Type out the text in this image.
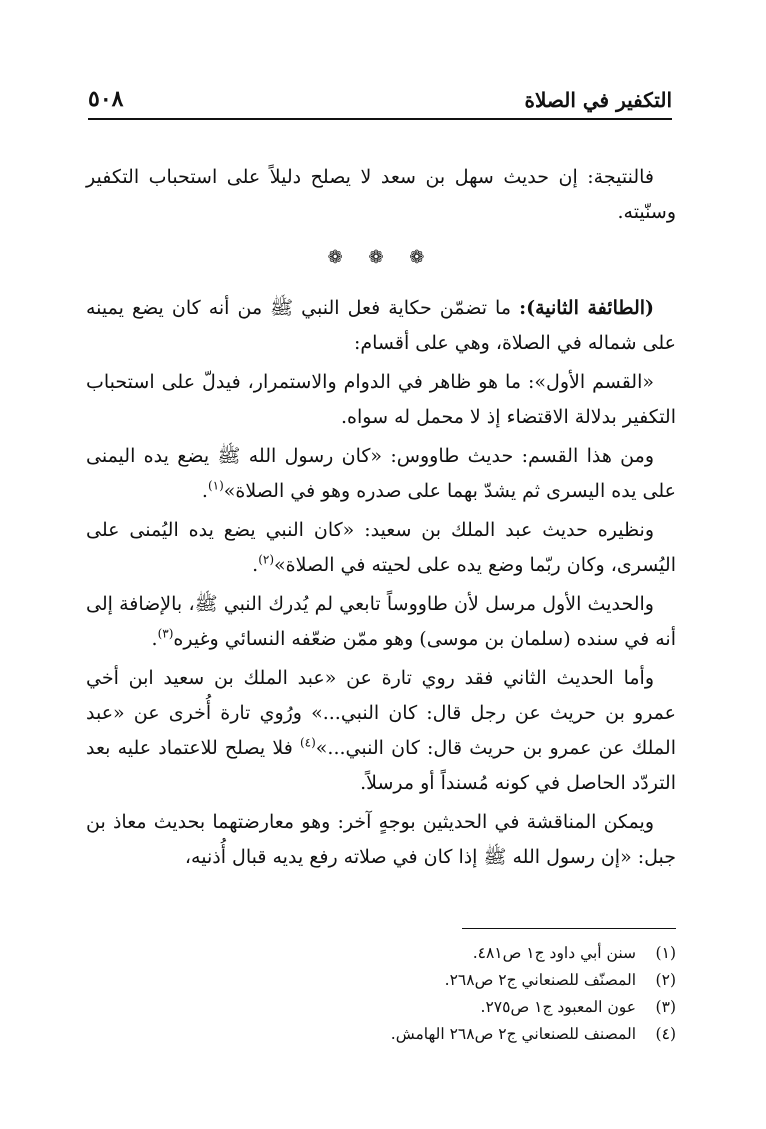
التكفير في الصلاة
٥٠٨

فالنتيجة: إن حديث سهل بن سعد لا يصلح دليلاً على استحباب التكفير وسنّيته.

❁ ❁ ❁

(الطائفة الثانية): ما تضمّن حكاية فعل النبي ﷺ من أنه كان يضع يمينه على شماله في الصلاة، وهي على أقسام:

«القسم الأول»: ما هو ظاهر في الدوام والاستمرار، فيدلّ على استحباب التكفير بدلالة الاقتضاء إذ لا محمل له سواه.

ومن هذا القسم: حديث طاووس: «كان رسول الله ﷺ يضع يده اليمنى على يده اليسرى ثم يشدّ بهما على صدره وهو في الصلاة»$^{(١)}$.

ونظيره حديث عبد الملك بن سعيد: «كان النبي يضع يده اليُمنى على اليُسرى، وكان ربّما وضع يده على لحيته في الصلاة»$^{(٢)}$.

والحديث الأول مرسل لأن طاووساً تابعي لم يُدرك النبي ﷺ، بالإضافة إلى أنه في سنده (سلمان بن موسى) وهو ممّن ضعّفه النسائي وغيره$^{(٣)}$.

وأما الحديث الثاني فقد روي تارة عن «عبد الملك بن سعيد ابن أخي عمرو بن حريث عن رجل قال: كان النبي...» ورُوي تارة أُخرى عن «عبد الملك عن عمرو بن حريث قال: كان النبي...»$^{(٤)}$ فلا يصلح للاعتماد عليه بعد التردّد الحاصل في كونه مُسنداً أو مرسلاً.

ويمكن المناقشة في الحديثين بوجهٍ آخر: وهو معارضتهما بحديث معاذ بن جبل: «إن رسول الله ﷺ إذا كان في صلاته رفع يديه قبال أُذنيه،

(١)
سنن أبي داود ج١ ص٤٨١.
(٢)
المصنّف للصنعاني ج٢ ص٢٦٨.
(٣)
عون المعبود ج١ ص٢٧٥.
(٤)
المصنف للصنعاني ج٢ ص٢٦٨ الهامش.
